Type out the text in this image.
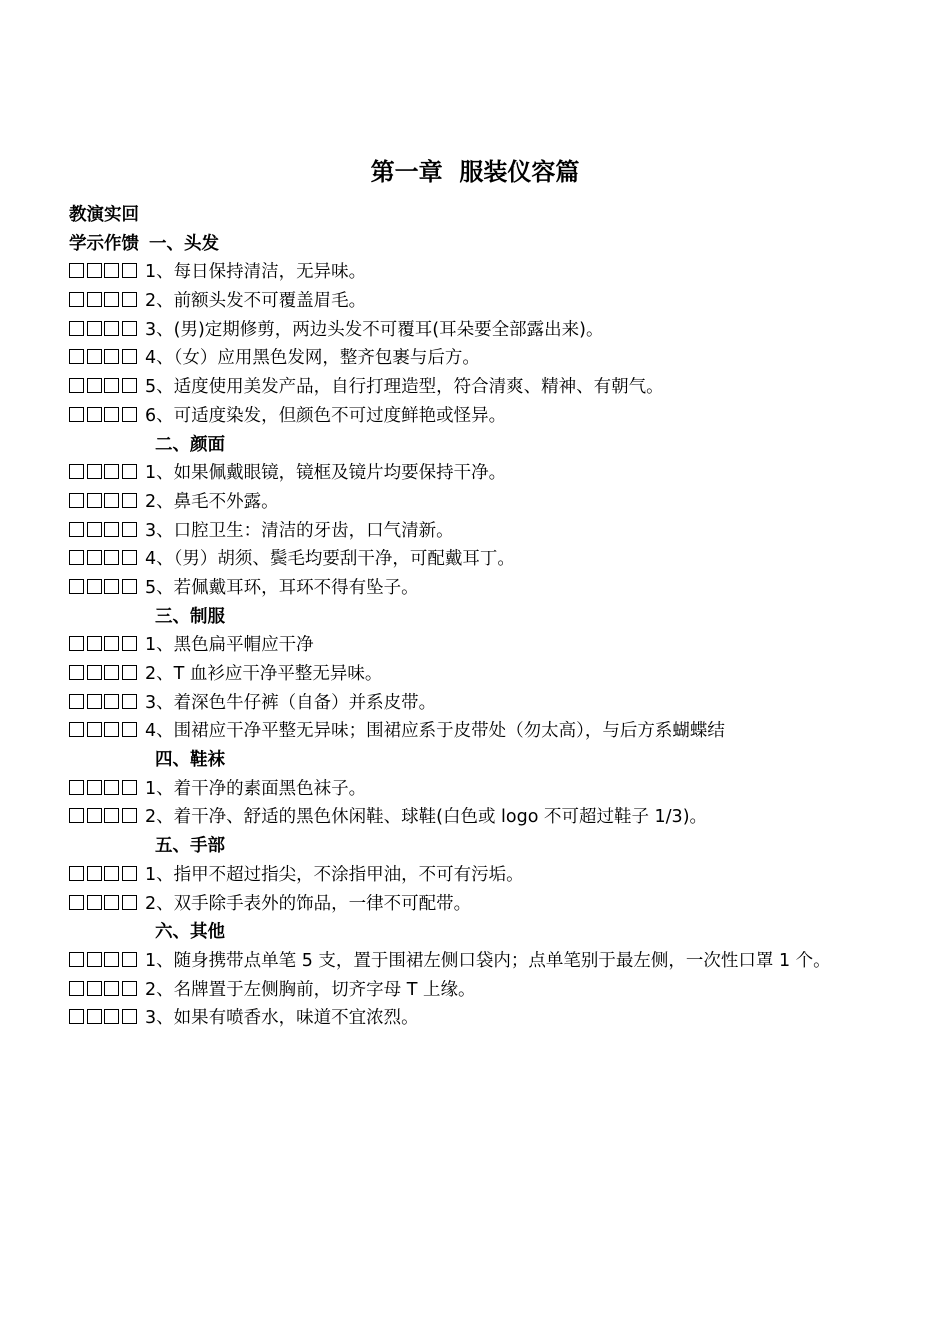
第一章  服装仪容篇
教演实回
学示作馈 一、头发
1、每日保持清洁，无异味。
2、前额头发不可覆盖眉毛。
3、(男)定期修剪，两边头发不可覆耳(耳朵要全部露出来)。
4、（女）应用黑色发网，整齐包裹与后方。
5、适度使用美发产品，自行打理造型，符合清爽、精神、有朝气。
6、可适度染发，但颜色不可过度鲜艳或怪异。
二、颜面
1、如果佩戴眼镜，镜框及镜片均要保持干净。
2、鼻毛不外露。
3、口腔卫生：清洁的牙齿，口气清新。
4、（男）胡须、鬓毛均要刮干净，可配戴耳丁。
5、若佩戴耳环，耳环不得有坠子。
三、制服
1、黑色扁平帽应干净
2、T 血衫应干净平整无异味。
3、着深色牛仔裤（自备）并系皮带。
4、围裙应干净平整无异味；围裙应系于皮带处（勿太高），与后方系蝴蝶结
四、鞋袜
1、着干净的素面黑色袜子。
2、着干净、舒适的黑色休闲鞋、球鞋(白色或 logo 不可超过鞋子 1/3)。
五、手部
1、指甲不超过指尖，不涂指甲油，不可有污垢。
2、双手除手表外的饰品，一律不可配带。
六、其他
1、随身携带点单笔 5 支，置于围裙左侧口袋内；点单笔别于最左侧，一次性口罩 1 个。
2、名牌置于左侧胸前，切齐字母 T 上缘。
3、如果有喷香水，味道不宜浓烈。
